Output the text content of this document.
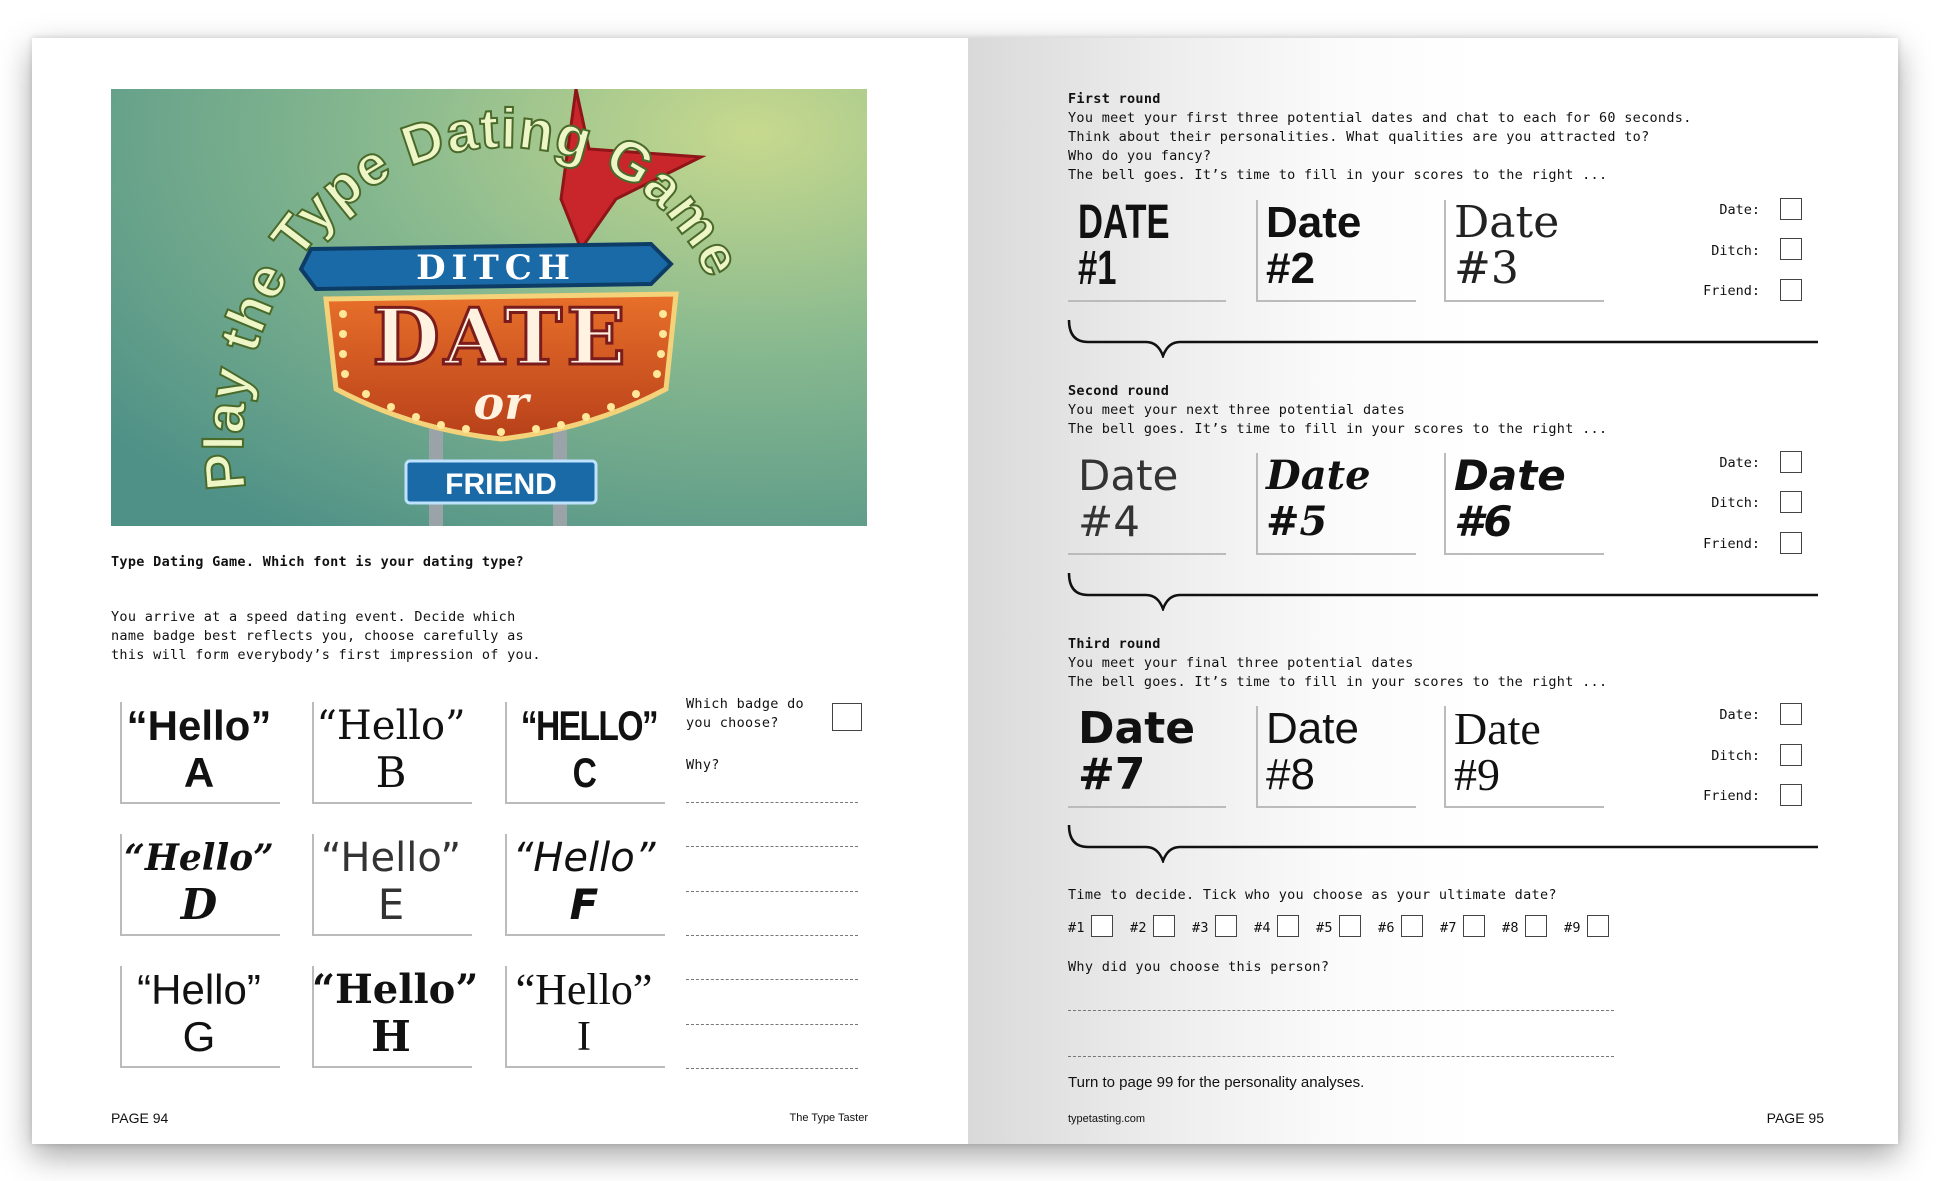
Play the Type Dating Game
DITCH
DATE
or
FRIEND
Type Dating Game. Which font is your dating type?
You arrive at a speed dating event. Decide which
name badge best reflects you, choose carefully as
this will form everybody’s first impression of you.
“Hello”
A
“Hello”
B
“HELLO”
C
“Hello”
D
“Hello”
E
“Hello”
F
“Hello”
G
“Hello”
H
“Hello”
I
Which badge do
you choose?
Why?
PAGE 94	The Type Taster
First round
You meet your first three potential dates and chat to each for 60 seconds.
Think about their personalities. What qualities are you attracted to?
Who do you fancy?
The bell goes. It’s time to fill in your scores to the right ...
DATE
#1
Date
#2
Date
#3
Date:
Ditch:
Friend:
Second round
You meet your next three potential dates
The bell goes. It’s time to fill in your scores to the right ...
Date
#4
Date
#5
Date
#6
Date:
Ditch:
Friend:
Third round
You meet your final three potential dates
The bell goes. It’s time to fill in your scores to the right ...
Date
#7
Date
#8
Date
#9
Date:
Ditch:
Friend:
Time to decide. Tick who you choose as your ultimate date?
#1	#2	#3	#4	#5	#6	#7	#8	#9
Why did you choose this person?
Turn to page 99 for the personality analyses.
typetasting.com	PAGE 95
